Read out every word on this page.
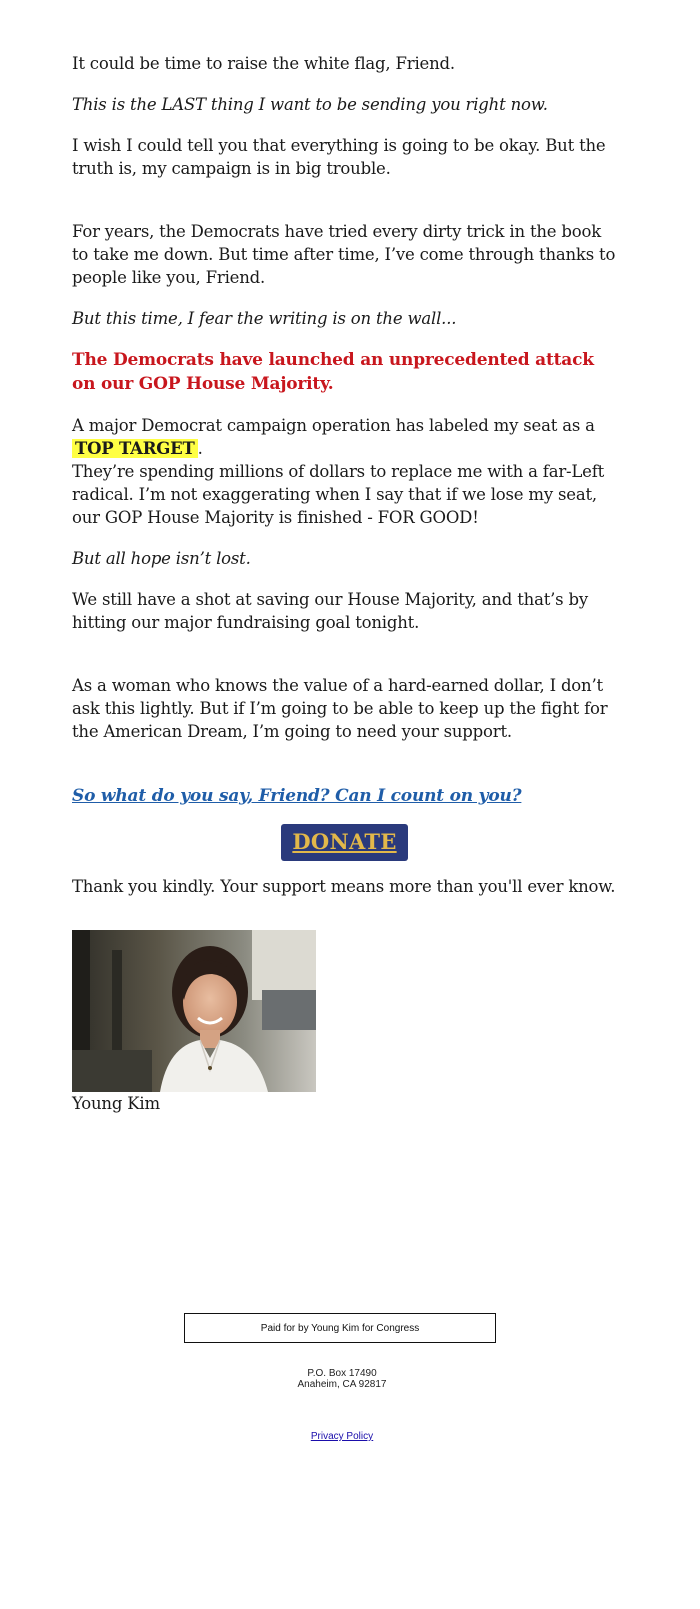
It could be time to raise the white flag, Friend.

This is the LAST thing I want to be sending you right now.

I wish I could tell you that everything is going to be okay. But the truth is, my campaign is in big trouble.

For years, the Democrats have tried every dirty trick in the book to take me down. But time after time, I’ve come through thanks to people like you, Friend.

But this time, I fear the writing is on the wall...

The Democrats have launched an unprecedented attack on our GOP House Majority.

A major Democrat campaign operation has labeled my seat as a TOP TARGET .

They’re spending millions of dollars to replace me with a far-Left radical. I’m not exaggerating when I say that if we lose my seat, our GOP House Majority is finished - FOR GOOD!

But all hope isn’t lost.

We still have a shot at saving our House Majority, and that’s by hitting our major fundraising goal tonight.

As a woman who knows the value of a hard-earned dollar, I don’t ask this lightly. But if I’m going to be able to keep up the fight for the American Dream, I’m going to need your support.

So what do you say, Friend? Can I count on you?
DONATE

Thank you kindly. Your support means more than you'll ever know.

Young Kim

Paid for by Young Kim for Congress
P.O. Box 17490
Anaheim, CA 92817
Privacy Policy
